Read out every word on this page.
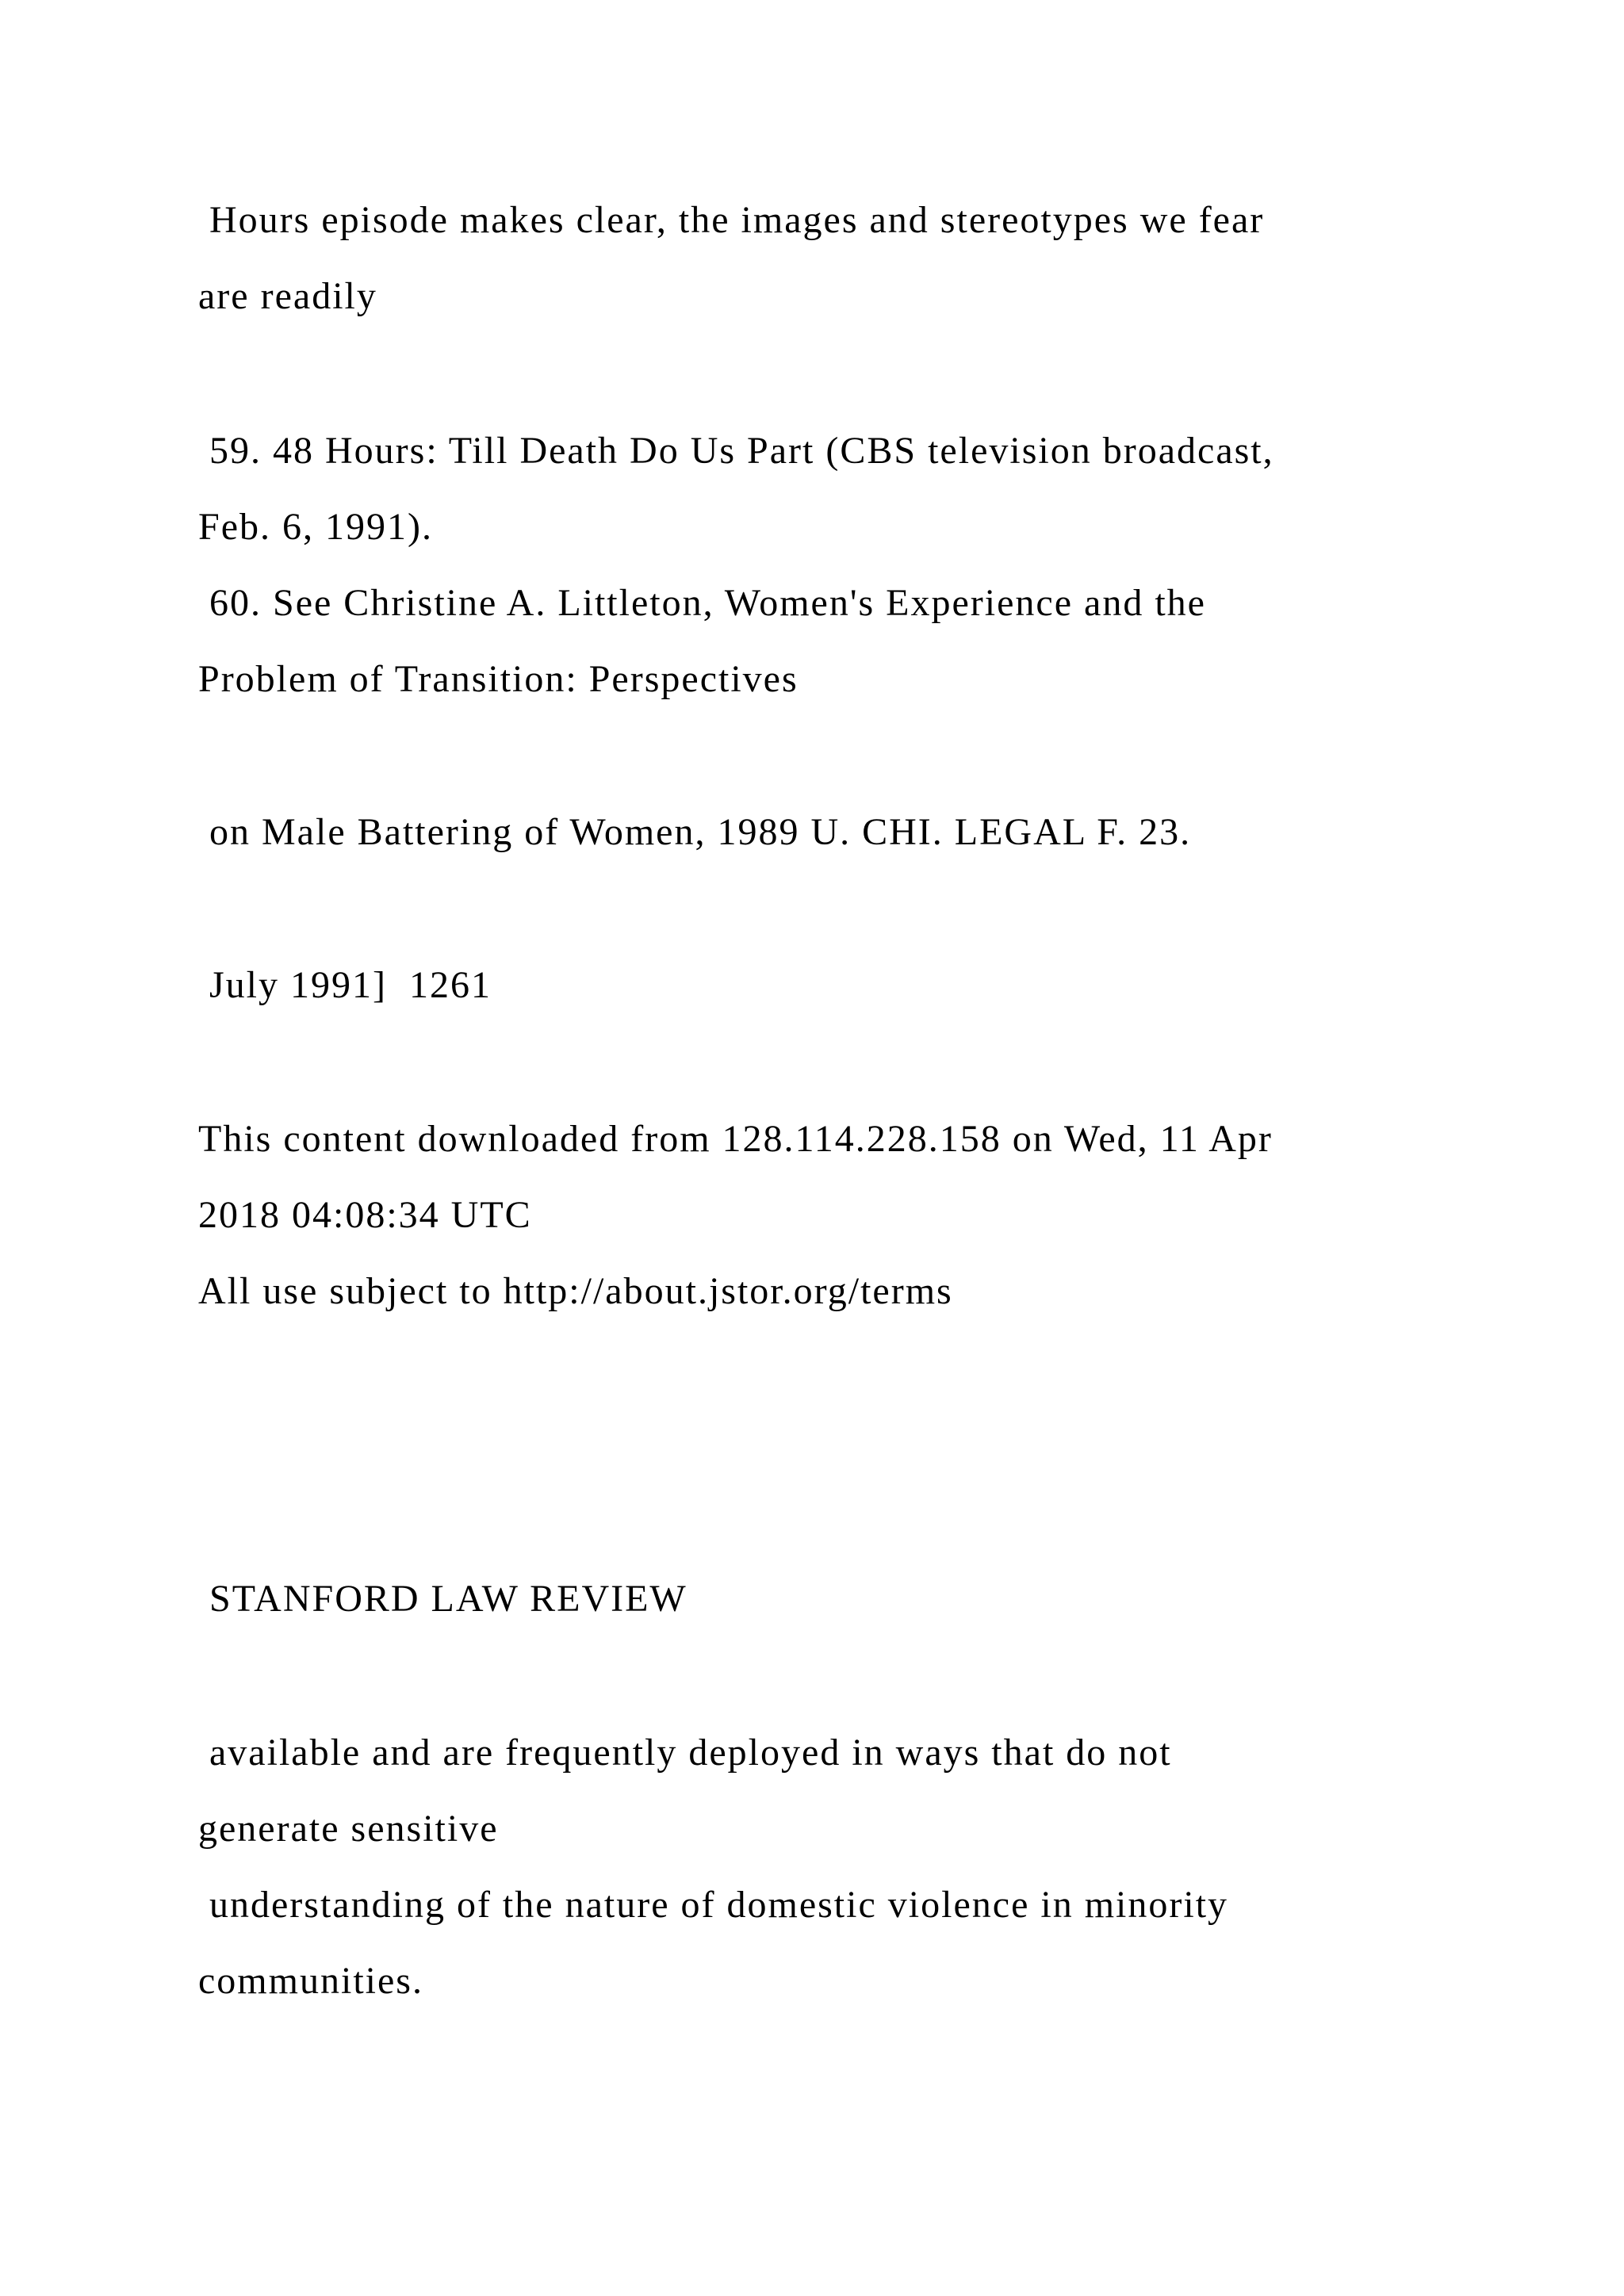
Hours episode makes clear, the images and stereotypes we fear
are readily
59. 48 Hours: Till Death Do Us Part (CBS television broadcast,
Feb. 6, 1991).
60. See Christine A. Littleton, Women's Experience and the
Problem of Transition: Perspectives
on Male Battering of Women, 1989 U. CHI. LEGAL F. 23.
July 1991]  1261
This content downloaded from 128.114.228.158 on Wed, 11 Apr
2018 04:08:34 UTC
All use subject to http://about.jstor.org/terms
STANFORD LAW REVIEW
available and are frequently deployed in ways that do not
generate sensitive
understanding of the nature of domestic violence in minority
communities.
